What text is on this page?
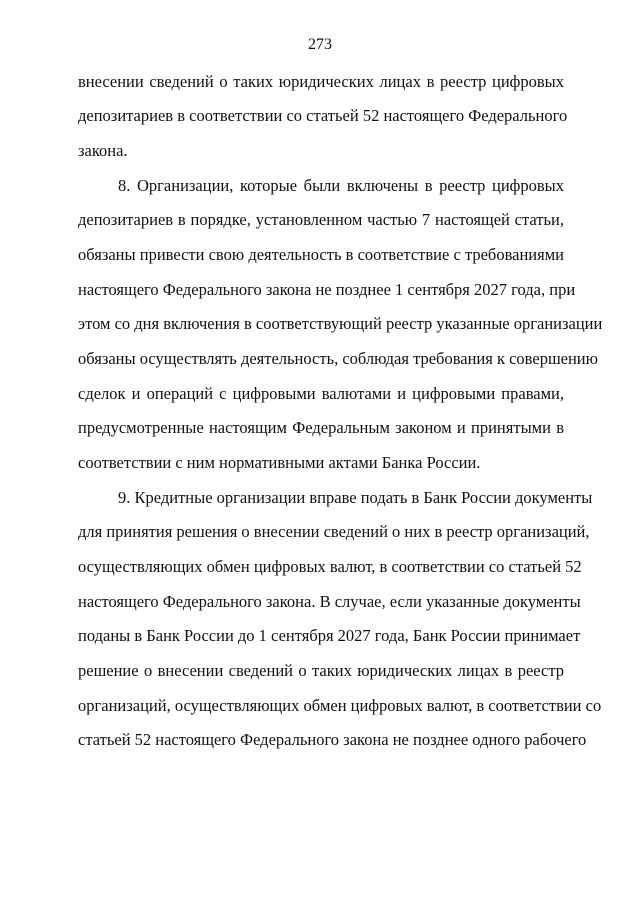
273
внесении сведений о таких юридических лицах в реестр цифровых
депозитариев в соответствии со статьей 52 настоящего Федерального
закона.
8. Организации, которые были включены в реестр цифровых
депозитариев в порядке, установленном частью 7 настоящей статьи,
обязаны привести свою деятельность в соответствие с требованиями
настоящего Федерального закона не позднее 1 сентября 2027 года, при
этом со дня включения в соответствующий реестр указанные организации
обязаны осуществлять деятельность, соблюдая требования к совершению
сделок и операций с цифровыми валютами и цифровыми правами,
предусмотренные настоящим Федеральным законом и принятыми в
соответствии с ним нормативными актами Банка России.
9. Кредитные организации вправе подать в Банк России документы
для принятия решения о внесении сведений о них в реестр организаций,
осуществляющих обмен цифровых валют, в соответствии со статьей 52
настоящего Федерального закона. В случае, если указанные документы
поданы в Банк России до 1 сентября 2027 года, Банк России принимает
решение о внесении сведений о таких юридических лицах в реестр
организаций, осуществляющих обмен цифровых валют, в соответствии со
статьей 52 настоящего Федерального закона не позднее одного рабочего
